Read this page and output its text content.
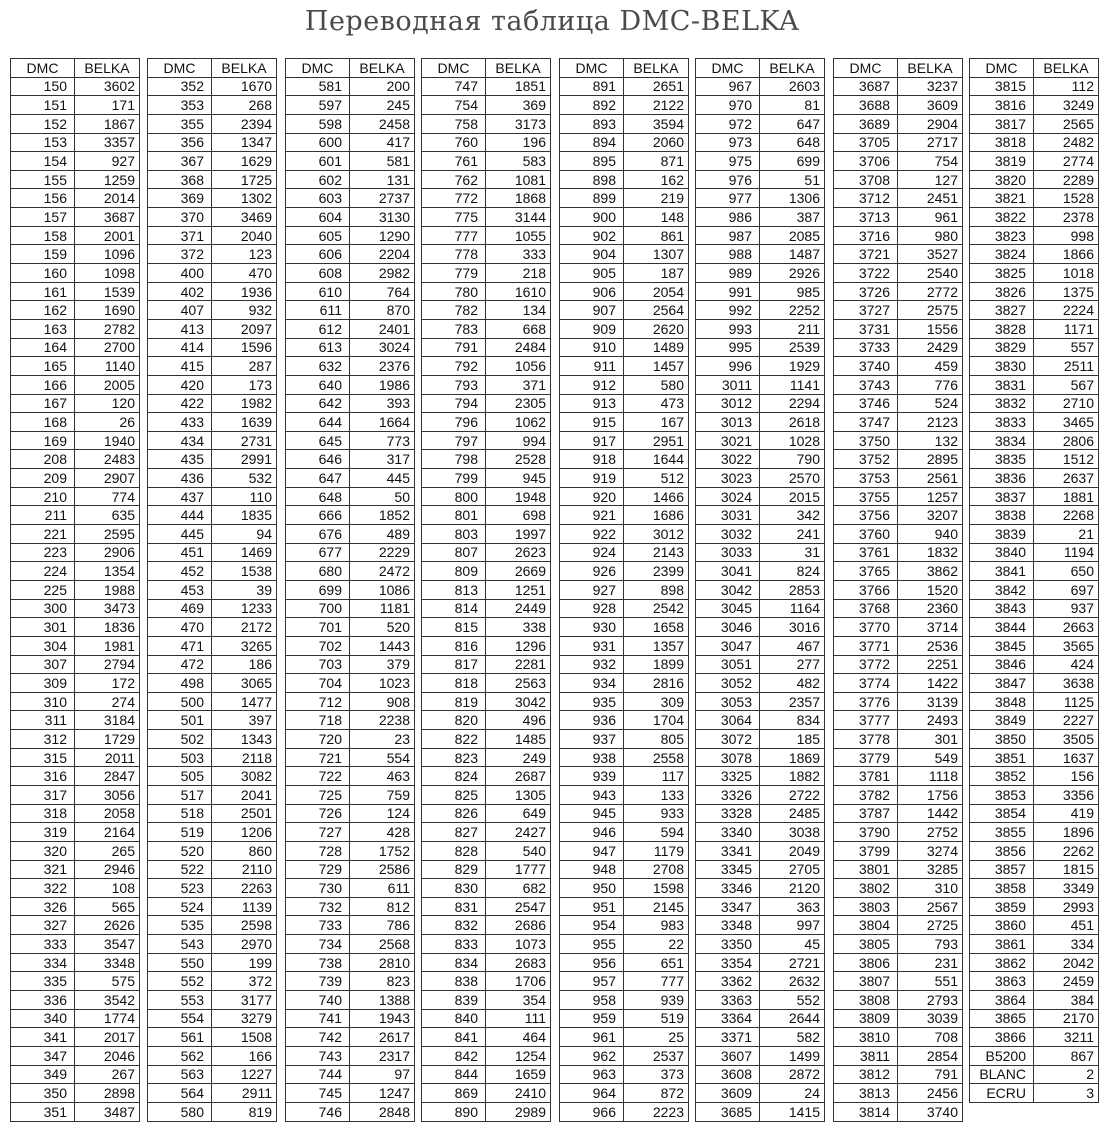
Переводная таблица DMC-BELKA
DMC	BELKA
150	3602
151	171
152	1867
153	3357
154	927
155	1259
156	2014
157	3687
158	2001
159	1096
160	1098
161	1539
162	1690
163	2782
164	2700
165	1140
166	2005
167	120
168	26
169	1940
208	2483
209	2907
210	774
211	635
221	2595
223	2906
224	1354
225	1988
300	3473
301	1836
304	1981
307	2794
309	172
310	274
311	3184
312	1729
315	2011
316	2847
317	3056
318	2058
319	2164
320	265
321	2946
322	108
326	565
327	2626
333	3547
334	3348
335	575
336	3542
340	1774
341	2017
347	2046
349	267
350	2898
351	3487
DMC	BELKA
352	1670
353	268
355	2394
356	1347
367	1629
368	1725
369	1302
370	3469
371	2040
372	123
400	470
402	1936
407	932
413	2097
414	1596
415	287
420	173
422	1982
433	1639
434	2731
435	2991
436	532
437	110
444	1835
445	94
451	1469
452	1538
453	39
469	1233
470	2172
471	3265
472	186
498	3065
500	1477
501	397
502	1343
503	2118
505	3082
517	2041
518	2501
519	1206
520	860
522	2110
523	2263
524	1139
535	2598
543	2970
550	199
552	372
553	3177
554	3279
561	1508
562	166
563	1227
564	2911
580	819
DMC	BELKA
581	200
597	245
598	2458
600	417
601	581
602	131
603	2737
604	3130
605	1290
606	2204
608	2982
610	764
611	870
612	2401
613	3024
632	2376
640	1986
642	393
644	1664
645	773
646	317
647	445
648	50
666	1852
676	489
677	2229
680	2472
699	1086
700	1181
701	520
702	1443
703	379
704	1023
712	908
718	2238
720	23
721	554
722	463
725	759
726	124
727	428
728	1752
729	2586
730	611
732	812
733	786
734	2568
738	2810
739	823
740	1388
741	1943
742	2617
743	2317
744	97
745	1247
746	2848
DMC	BELKA
747	1851
754	369
758	3173
760	196
761	583
762	1081
772	1868
775	3144
777	1055
778	333
779	218
780	1610
782	134
783	668
791	2484
792	1056
793	371
794	2305
796	1062
797	994
798	2528
799	945
800	1948
801	698
803	1997
807	2623
809	2669
813	1251
814	2449
815	338
816	1296
817	2281
818	2563
819	3042
820	496
822	1485
823	249
824	2687
825	1305
826	649
827	2427
828	540
829	1777
830	682
831	2547
832	2686
833	1073
834	2683
838	1706
839	354
840	111
841	464
842	1254
844	1659
869	2410
890	2989
DMC	BELKA
891	2651
892	2122
893	3594
894	2060
895	871
898	162
899	219
900	148
902	861
904	1307
905	187
906	2054
907	2564
909	2620
910	1489
911	1457
912	580
913	473
915	167
917	2951
918	1644
919	512
920	1466
921	1686
922	3012
924	2143
926	2399
927	898
928	2542
930	1658
931	1357
932	1899
934	2816
935	309
936	1704
937	805
938	2558
939	117
943	133
945	933
946	594
947	1179
948	2708
950	1598
951	2145
954	983
955	22
956	651
957	777
958	939
959	519
961	25
962	2537
963	373
964	872
966	2223
DMC	BELKA
967	2603
970	81
972	647
973	648
975	699
976	51
977	1306
986	387
987	2085
988	1487
989	2926
991	985
992	2252
993	211
995	2539
996	1929
3011	1141
3012	2294
3013	2618
3021	1028
3022	790
3023	2570
3024	2015
3031	342
3032	241
3033	31
3041	824
3042	2853
3045	1164
3046	3016
3047	467
3051	277
3052	482
3053	2357
3064	834
3072	185
3078	1869
3325	1882
3326	2722
3328	2485
3340	3038
3341	2049
3345	2705
3346	2120
3347	363
3348	997
3350	45
3354	2721
3362	2632
3363	552
3364	2644
3371	582
3607	1499
3608	2872
3609	24
3685	1415
DMC	BELKA
3687	3237
3688	3609
3689	2904
3705	2717
3706	754
3708	127
3712	2451
3713	961
3716	980
3721	3527
3722	2540
3726	2772
3727	2575
3731	1556
3733	2429
3740	459
3743	776
3746	524
3747	2123
3750	132
3752	2895
3753	2561
3755	1257
3756	3207
3760	940
3761	1832
3765	3862
3766	1520
3768	2360
3770	3714
3771	2536
3772	2251
3774	1422
3776	3139
3777	2493
3778	301
3779	549
3781	1118
3782	1756
3787	1442
3790	2752
3799	3274
3801	3285
3802	310
3803	2567
3804	2725
3805	793
3806	231
3807	551
3808	2793
3809	3039
3810	708
3811	2854
3812	791
3813	2456
3814	3740
DMC	BELKA
3815	112
3816	3249
3817	2565
3818	2482
3819	2774
3820	2289
3821	1528
3822	2378
3823	998
3824	1866
3825	1018
3826	1375
3827	2224
3828	1171
3829	557
3830	2511
3831	567
3832	2710
3833	3465
3834	2806
3835	1512
3836	2637
3837	1881
3838	2268
3839	21
3840	1194
3841	650
3842	697
3843	937
3844	2663
3845	3565
3846	424
3847	3638
3848	1125
3849	2227
3850	3505
3851	1637
3852	156
3853	3356
3854	419
3855	1896
3856	2262
3857	1815
3858	3349
3859	2993
3860	451
3861	334
3862	2042
3863	2459
3864	384
3865	2170
3866	3211
B5200	867
BLANC	2
ECRU	3
